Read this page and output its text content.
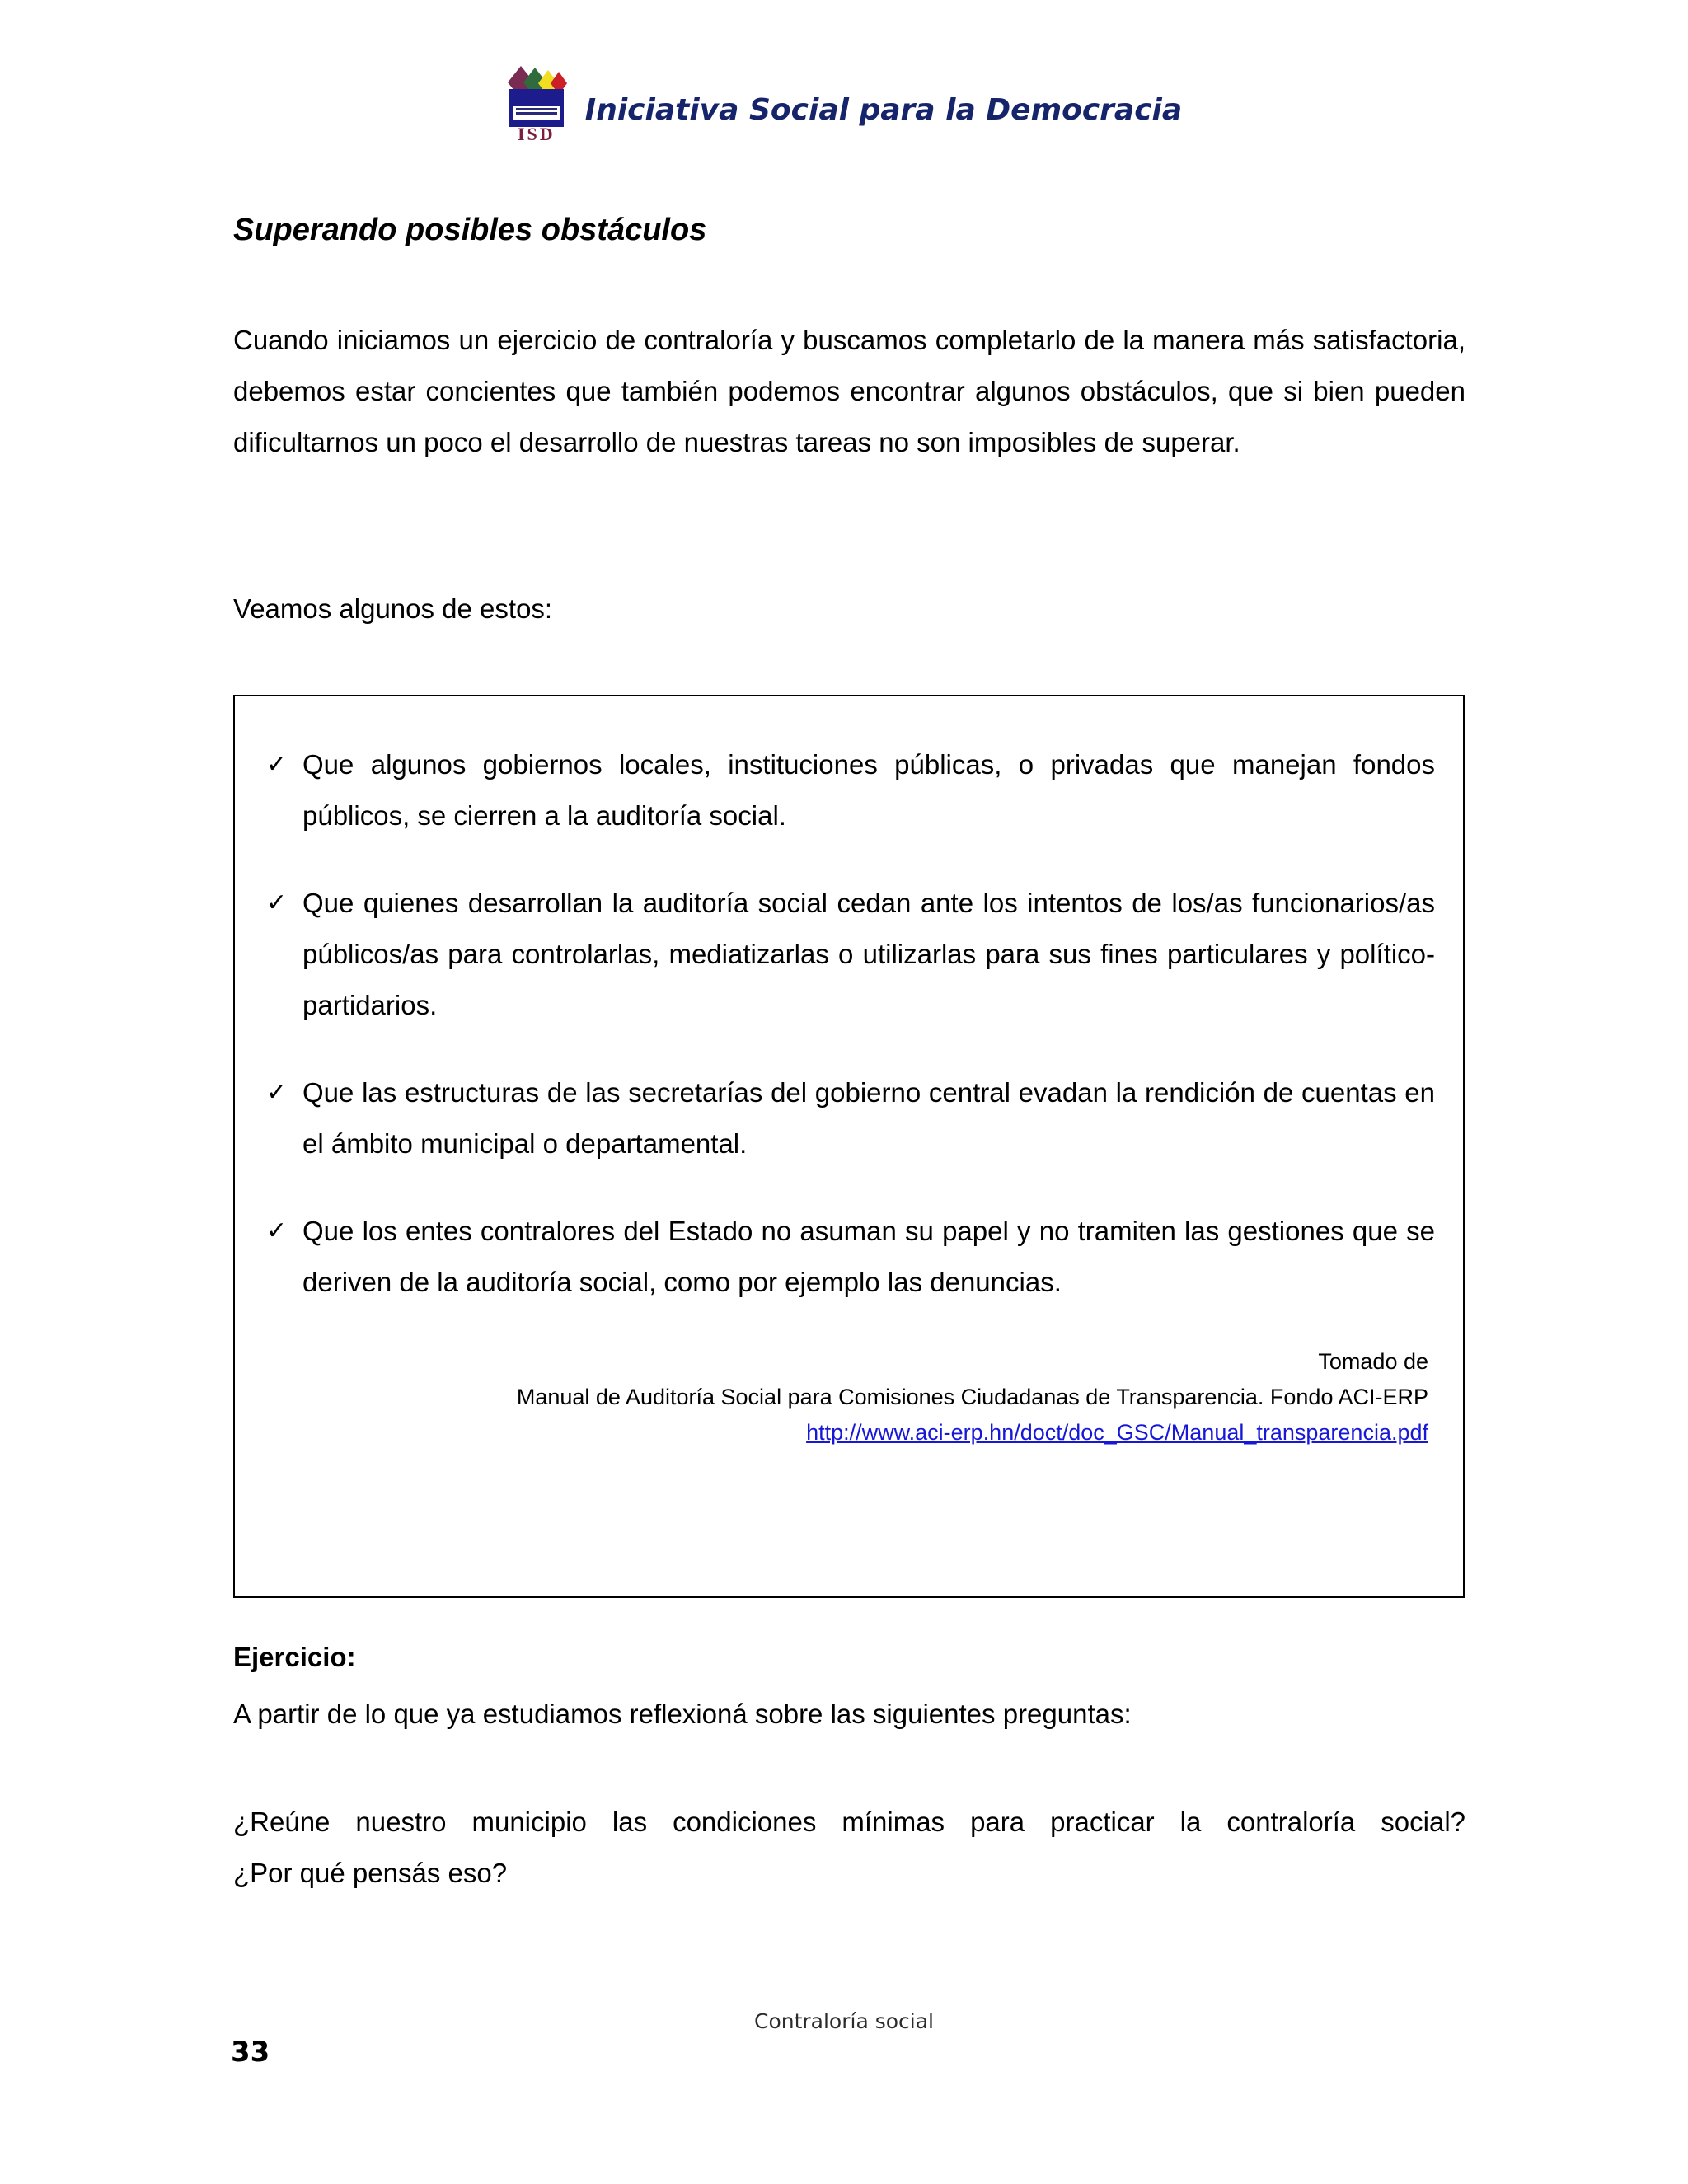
ISD
Iniciativa Social para la Democracia
Superando posibles obstáculos
Cuando iniciamos un ejercicio de contraloría y buscamos completarlo de la manera más satisfactoria, debemos estar concientes que también podemos encontrar algunos obstáculos, que si bien pueden dificultarnos un poco el desarrollo de nuestras tareas no son imposibles de superar.
Veamos algunos de estos:
✓ Que algunos gobiernos locales, instituciones públicas, o privadas que manejan fondos públicos, se cierren a la auditoría social.
✓ Que quienes desarrollan la auditoría social cedan ante los intentos de los/as funcionarios/as públicos/as para controlarlas, mediatizarlas o utilizarlas para sus fines particulares y político-partidarios.
✓ Que las estructuras de las secretarías del gobierno central evadan la rendición de cuentas en el ámbito municipal o departamental.
✓ Que los entes contralores del Estado no asuman su papel y no tramiten las gestiones que se deriven de la auditoría social, como por ejemplo las denuncias.
Tomado de
Manual de Auditoría Social para Comisiones Ciudadanas de Transparencia. Fondo ACI-ERP
http://www.aci-erp.hn/doct/doc_GSC/Manual_transparencia.pdf
Ejercicio:
A partir de lo que ya estudiamos reflexioná sobre las siguientes preguntas:
¿Reúne nuestro municipio las condiciones mínimas para practicar la contraloría social?
¿Por qué pensás eso?
Contraloría social
33
